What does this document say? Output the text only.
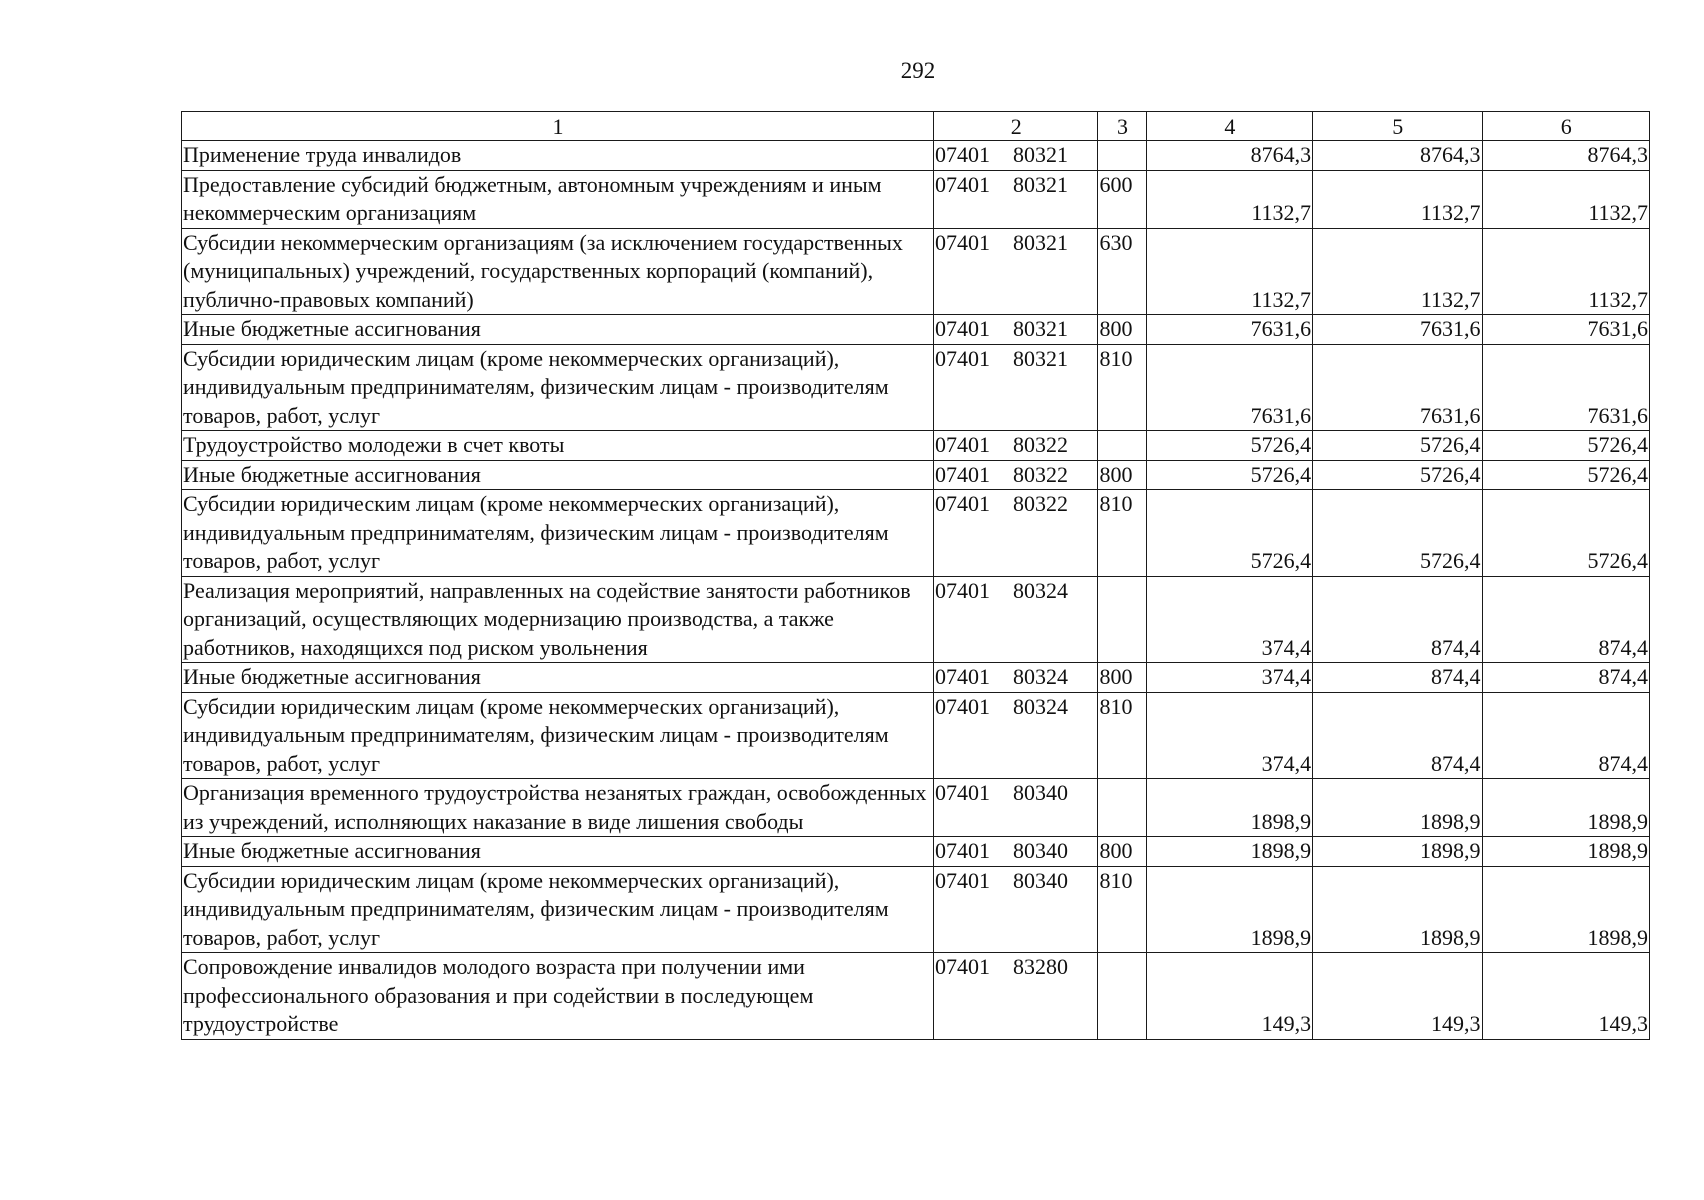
292
1	2	3	4	5	6
Применение труда инвалидов	07401 80321		8764,3	8764,3	8764,3
Предоставление субсидий бюджетным, автономным учреждениям и иным некоммерческим организациям	07401 80321	600	1132,7	1132,7	1132,7
Субсидии некоммерческим организациям (за исключением государственных (муниципальных) учреждений, государственных корпораций (компаний), публично-правовых компаний)	07401 80321	630	1132,7	1132,7	1132,7
Иные бюджетные ассигнования	07401 80321	800	7631,6	7631,6	7631,6
Субсидии юридическим лицам (кроме некоммерческих организаций), индивидуальным предпринимателям, физическим лицам - производителям товаров, работ, услуг	07401 80321	810	7631,6	7631,6	7631,6
Трудоустройство молодежи в счет квоты	07401 80322		5726,4	5726,4	5726,4
Иные бюджетные ассигнования	07401 80322	800	5726,4	5726,4	5726,4
Субсидии юридическим лицам (кроме некоммерческих организаций), индивидуальным предпринимателям, физическим лицам - производителям товаров, работ, услуг	07401 80322	810	5726,4	5726,4	5726,4
Реализация мероприятий, направленных на содействие занятости работников организаций, осуществляющих модернизацию производства, а также работников, находящихся под риском увольнения	07401 80324		374,4	874,4	874,4
Иные бюджетные ассигнования	07401 80324	800	374,4	874,4	874,4
Субсидии юридическим лицам (кроме некоммерческих организаций), индивидуальным предпринимателям, физическим лицам - производителям товаров, работ, услуг	07401 80324	810	374,4	874,4	874,4
Организация временного трудоустройства незанятых граждан, освобожденных из учреждений, исполняющих наказание в виде лишения свободы	07401 80340		1898,9	1898,9	1898,9
Иные бюджетные ассигнования	07401 80340	800	1898,9	1898,9	1898,9
Субсидии юридическим лицам (кроме некоммерческих организаций), индивидуальным предпринимателям, физическим лицам - производителям товаров, работ, услуг	07401 80340	810	1898,9	1898,9	1898,9
Сопровождение инвалидов молодого возраста при получении ими профессионального образования и при содействии в последующем трудоустройстве	07401 83280		149,3	149,3	149,3
